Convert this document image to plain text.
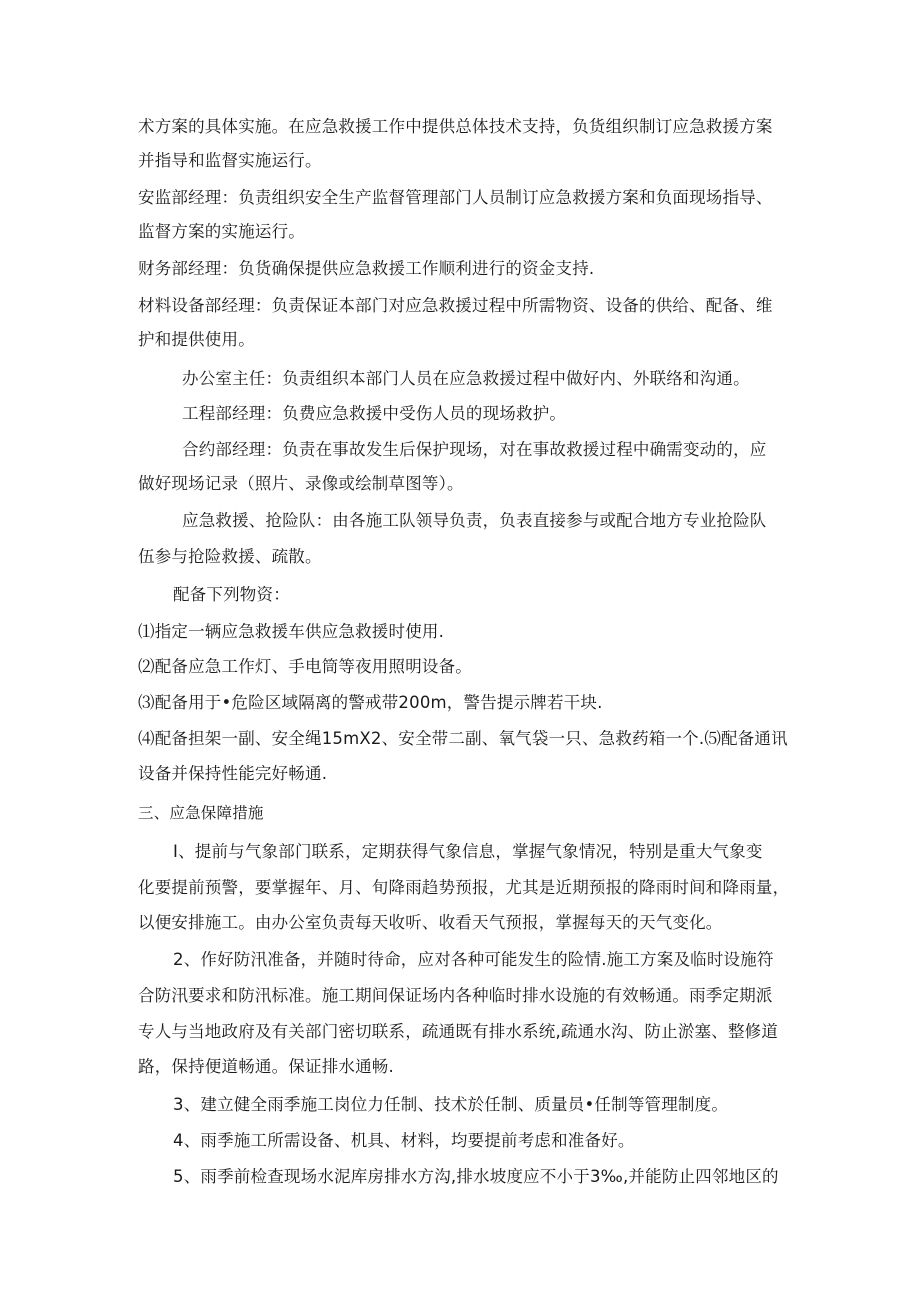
术方案的具体实施。在应急救援工作中提供总体技术支持，负货组织制订应急救援方案
并指导和监督实施运行。
安监部经理：负责组织安全生产监督管理部门人员制订应急救援方案和负面现场指导、
监督方案的实施运行。
财务部经理：负货确保提供应急救援工作顺利进行的资金支持.
材料设备部经理：负责保证本部门对应急救援过程中所需物资、设备的供给、配备、维
护和提供使用。
办公室主任：负责组织本部门人员在应急救援过程中做好内、外联络和沟通。
工程部经理：负费应急救援中受伤人员的现场救护。
合约部经理：负责在事故发生后保护现场，对在事故救援过程中确需变动的，应
做好现场记录（照片、录像或绘制草图等）。
应急救援、抢险队：由各施工队领导负责，负表直接参与或配合地方专业抢险队
伍参与抢险救援、疏散。
配备下列物资：
⑴指定一辆应急救援车供应急救援时使用.
⑵配备应急工作灯、手电筒等夜用照明设备。
⑶配备用于•危险区域隔离的警戒带200m，警告提示牌若干块.
⑷配备担架一副、安全绳15mX2、安全带二副、氧气袋一只、急救药箱一个.⑸配备通讯
设备并保持性能完好畅通.
三、应急保障措施
I、提前与气象部门联系，定期获得气象信息，掌握气象情况，特别是重大气象变
化要提前预警，要掌握年、月、旬降雨趋势预报，尤其是近期预报的降雨时间和降雨量，
以便安排施工。由办公室负责每天收听、收看天气预报，掌握每天的天气变化。
2、作好防汛准备，并随时待命，应对各种可能发生的险情.施工方案及临时设施符
合防汛要求和防汛标准。施工期间保证场内各种临时排水设施的有效畅通。雨季定期派
专人与当地政府及有关部门密切联系，疏通既有排水系统,疏通水沟、防止淤塞、整修道
路，保持便道畅通。保证排水通畅.
3、建立健全雨季施工岗位力任制、技术於任制、质量员•任制等管理制度。
4、雨季施工所需设备、机具、材料，均要提前考虑和准备好。
5、雨季前检查现场水泥库房排水方沟,排水坡度应不小于3‰,并能防止四邻地区的
